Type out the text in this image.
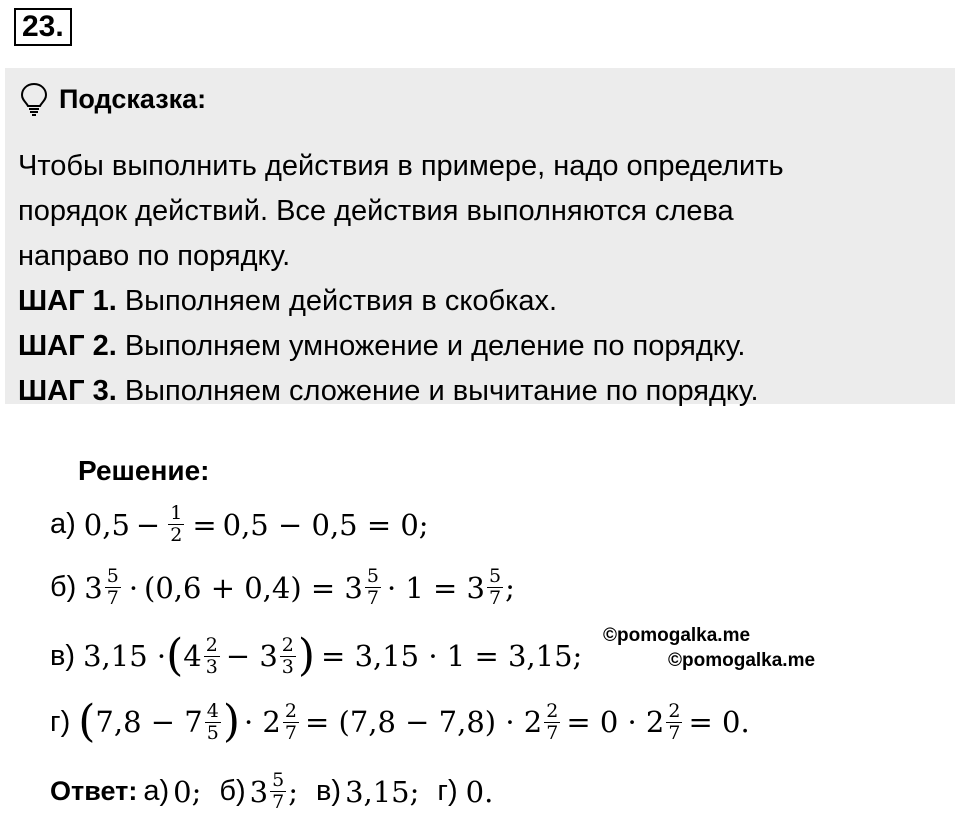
23.
Подсказка:

Чтобы выполнить действия в примере, надо определить

порядок действий. Все действия выполняются слева

направо по порядку.

ШАГ 1. Выполняем действия в скобках.

ШАГ 2. Выполняем умножение и деление по порядку.

ШАГ 3. Выполняем сложение и вычитание по порядку.

Решение:
а) $0,5 - \frac{1}{2} = 0,5 - 0,5 = 0$;
б) $3 \frac{5}{7} \cdot (0,6 + 0,4) = 3 \frac{5}{7} \cdot 1 = 3 \frac{5}{7}$ ;
в) 3,15 · ( $4 \frac{2}{3} - 3 \frac{2}{3}$ ) = 3,15 · 1 = 3,15;
г) ( $7,8 - 7 \frac{4}{5}$ ) · $2 \frac{2}{7} = (7,8 - 7,8) \cdot 2 \frac{2}{7} = 0 \cdot 2 \frac{2}{7} = 0$.
Ответ: а) 0; б) $3 \frac{5}{7}$ ; в) 3,15; г) 0.
©pomogalka.me
©pomogalka.me
